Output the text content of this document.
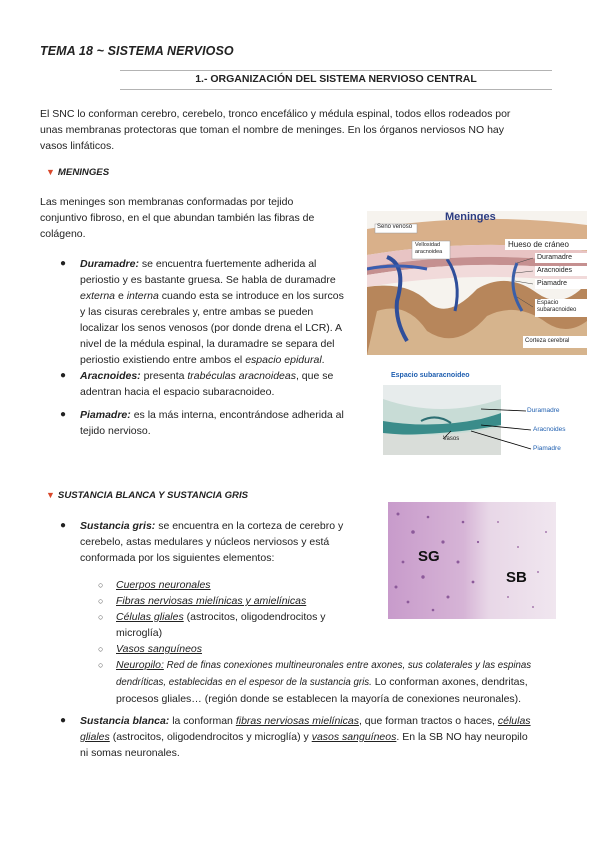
TEMA 18 ~ SISTEMA NERVIOSO
1.- ORGANIZACIÓN DEL SISTEMA NERVIOSO CENTRAL

El SNC lo conforman cerebro, cerebelo, tronco encefálico y médula espinal, todos ellos rodeados por

unas membranas protectoras que toman el nombre de meninges. En los órganos nerviosos NO hay

vasos linfáticos.

▼ MENINGES

Las meninges son membranas conformadas por tejido

conjuntivo fibroso, en el que abundan también las fibras de

colágeno.

● Duramadre: se encuentra fuertemente adherida al
periostio y es bastante gruesa. Se habla de duramadre
externa e interna cuando esta se introduce en los surcos
y las cisuras cerebrales y, entre ambas se pueden
localizar los senos venosos (por donde drena el LCR). A
nivel de la médula espinal, la duramadre se separa del
periostio existiendo entre ambos el espacio epidural.
● Aracnoides: presenta trabéculas aracnoideas, que se
adentran hacia el espacio subaracnoideo.
● Piamadre: es la más interna, encontrándose adherida al
tejido nervioso.
Meninges
Seno venoso
Vellosidad aracnoidea
Hueso de cráneo
Duramadre
Aracnoides
Piamadre
Espacio subaracnoideo
Corteza cerebral
Espacio subaracnoideo
Duramadre
Aracnoides
Vasos
Piamadre
▼ SUSTANCIA BLANCA Y SUSTANCIA GRIS
● Sustancia gris: se encuentra en la corteza de cerebro y
cerebelo, astas medulares y núcleos nerviosos y está
conformada por los siguientes elementos:
○ Cuerpos neuronales
○ Fibras nerviosas mielínicas y amielínicas
○ Células gliales (astrocitos, oligodendrocitos y
microglía)
○ Vasos sanguíneos
○ Neuropilo: Red de finas conexiones multineuronales entre axones, sus colaterales y las espinas
dendríticas, establecidas en el espesor de la sustancia gris. Lo conforman axones, dendritas,
procesos gliales… (región donde se establecen la mayoría de conexiones neuronales).
SG
SB
● Sustancia blanca: la conforman fibras nerviosas mielínicas, que forman tractos o haces, células
gliales (astrocitos, oligodendrocitos y microglía) y vasos sanguíneos. En la SB NO hay neuropilo
ni somas neuronales.
